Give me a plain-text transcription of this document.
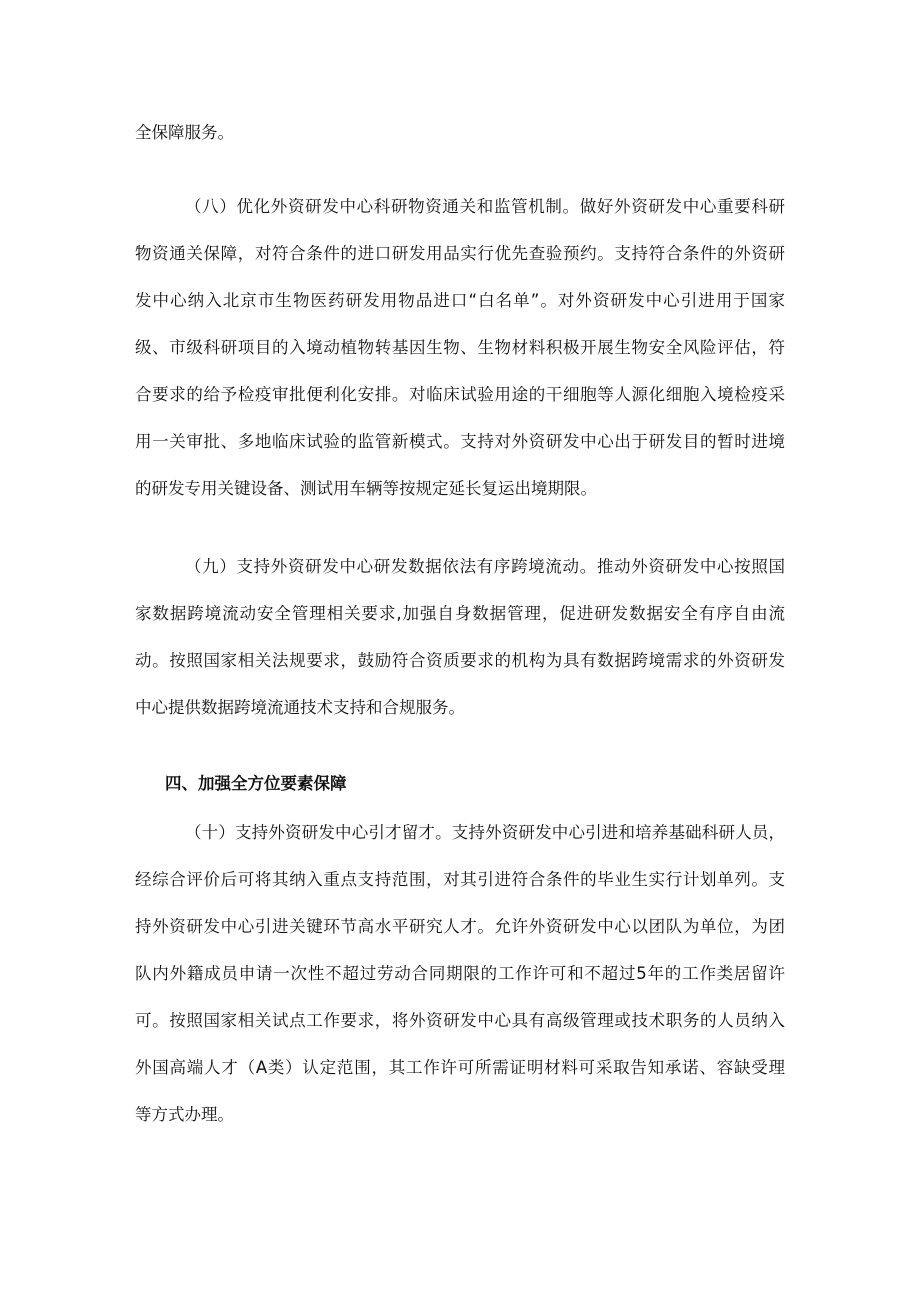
全保障服务。
（八）优化外资研发中心科研物资通关和监管机制。做好外资研发中心重要科研
物资通关保障，对符合条件的进口研发用品实行优先查验预约。支持符合条件的外资研
发中心纳入北京市生物医药研发用物品进口“白名单”。对外资研发中心引进用于国家
级、市级科研项目的入境动植物转基因生物、生物材料积极开展生物安全风险评估，符
合要求的给予检疫审批便利化安排。对临床试验用途的干细胞等人源化细胞入境检疫采
用一关审批、多地临床试验的监管新模式。支持对外资研发中心出于研发目的暂时进境
的研发专用关键设备、测试用车辆等按规定延长复运出境期限。
（九）支持外资研发中心研发数据依法有序跨境流动。推动外资研发中心按照国
家数据跨境流动安全管理相关要求,加强自身数据管理，促进研发数据安全有序自由流
动。按照国家相关法规要求，鼓励符合资质要求的机构为具有数据跨境需求的外资研发
中心提供数据跨境流通技术支持和合规服务。
四、加强全方位要素保障
（十）支持外资研发中心引才留才。支持外资研发中心引进和培养基础科研人员，
经综合评价后可将其纳入重点支持范围，对其引进符合条件的毕业生实行计划单列。支
持外资研发中心引进关键环节高水平研究人才。允许外资研发中心以团队为单位，为团
队内外籍成员申请一次性不超过劳动合同期限的工作许可和不超过5年的工作类居留许
可。按照国家相关试点工作要求，将外资研发中心具有高级管理或技术职务的人员纳入
外国高端人才（A类）认定范围，其工作许可所需证明材料可采取告知承诺、容缺受理
等方式办理。
